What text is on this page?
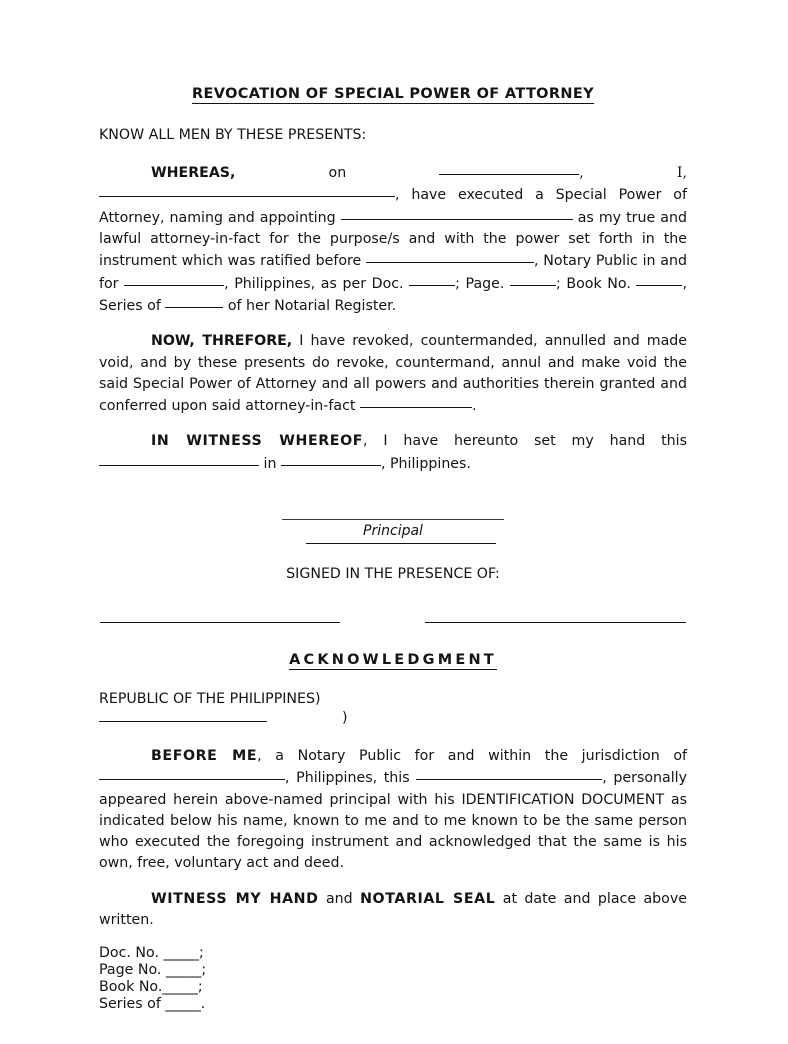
REVOCATION OF SPECIAL POWER OF ATTORNEY
KNOW ALL MEN BY THESE PRESENTS:

WHEREAS, on	, I, , have executed a Special Power of Attorney, naming and appointing	as my true and lawful attorney-in-fact for the purpose/s and with the power set forth in the instrument which was ratified before	, Notary Public in and for	, Philippines, as per Doc.	; Page.	; Book No.	, Series of	of her Notarial Register.

NOW, THREFORE, I have revoked, countermanded, annulled and made void, and by these presents do revoke, countermand, annul and make void the said Special Power of Attorney and all powers and authorities therein granted and conferred upon said attorney-in-fact	.

IN WITNESS WHEREOF, I have hereunto set my hand this  in	, Philippines.

Principal
SIGNED IN THE PRESENCE OF:
ACKNOWLEDGMENT
REPUBLIC OF THE PHILIPPINES)
)

BEFORE ME, a Notary Public for and within the jurisdiction of , Philippines, this	, personally appeared herein above-named principal with his IDENTIFICATION DOCUMENT as indicated below his name, known to me and to me known to be the same person who executed the foregoing instrument and acknowledged that the same is his own, free, voluntary act and deed.

WITNESS MY HAND and NOTARIAL SEAL at date and place above written.

Doc. No. _____;
Page No. _____;
Book No._____;
Series of _____.
